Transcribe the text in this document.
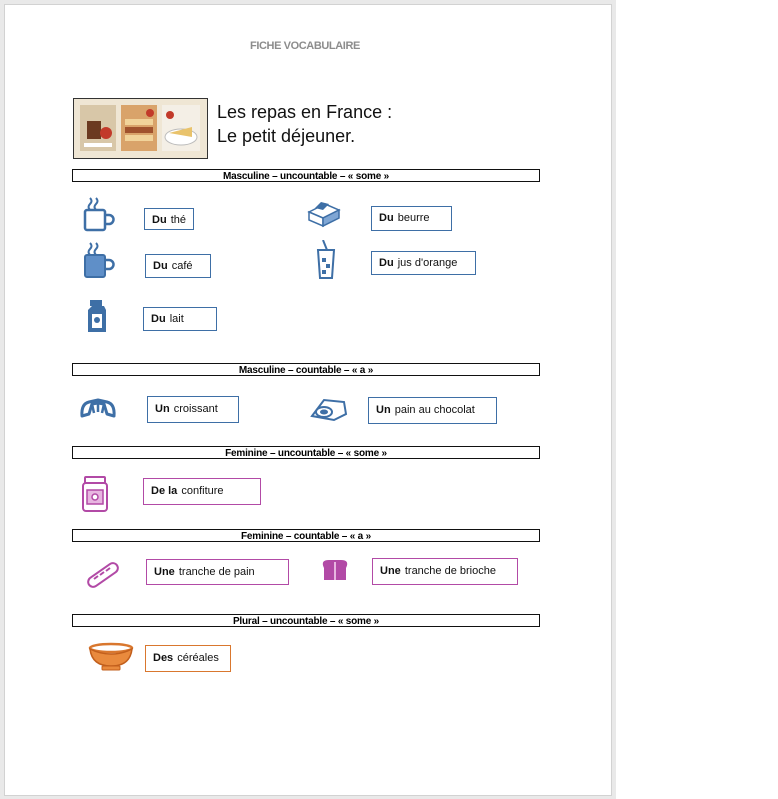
FICHE VOCABULAIRE
Les repas en France :
Le petit déjeuner.
Masculine – uncountable – « some »
Du thé	Du beurre
Du café	Du jus d'orange
Du lait
Masculine – countable – « a »
Un croissant	Un pain au chocolat
Feminine – uncountable – « some »
De la confiture
Feminine – countable – « a »
Une tranche de pain	Une tranche de brioche
Plural – uncountable – « some »
Des céréales
